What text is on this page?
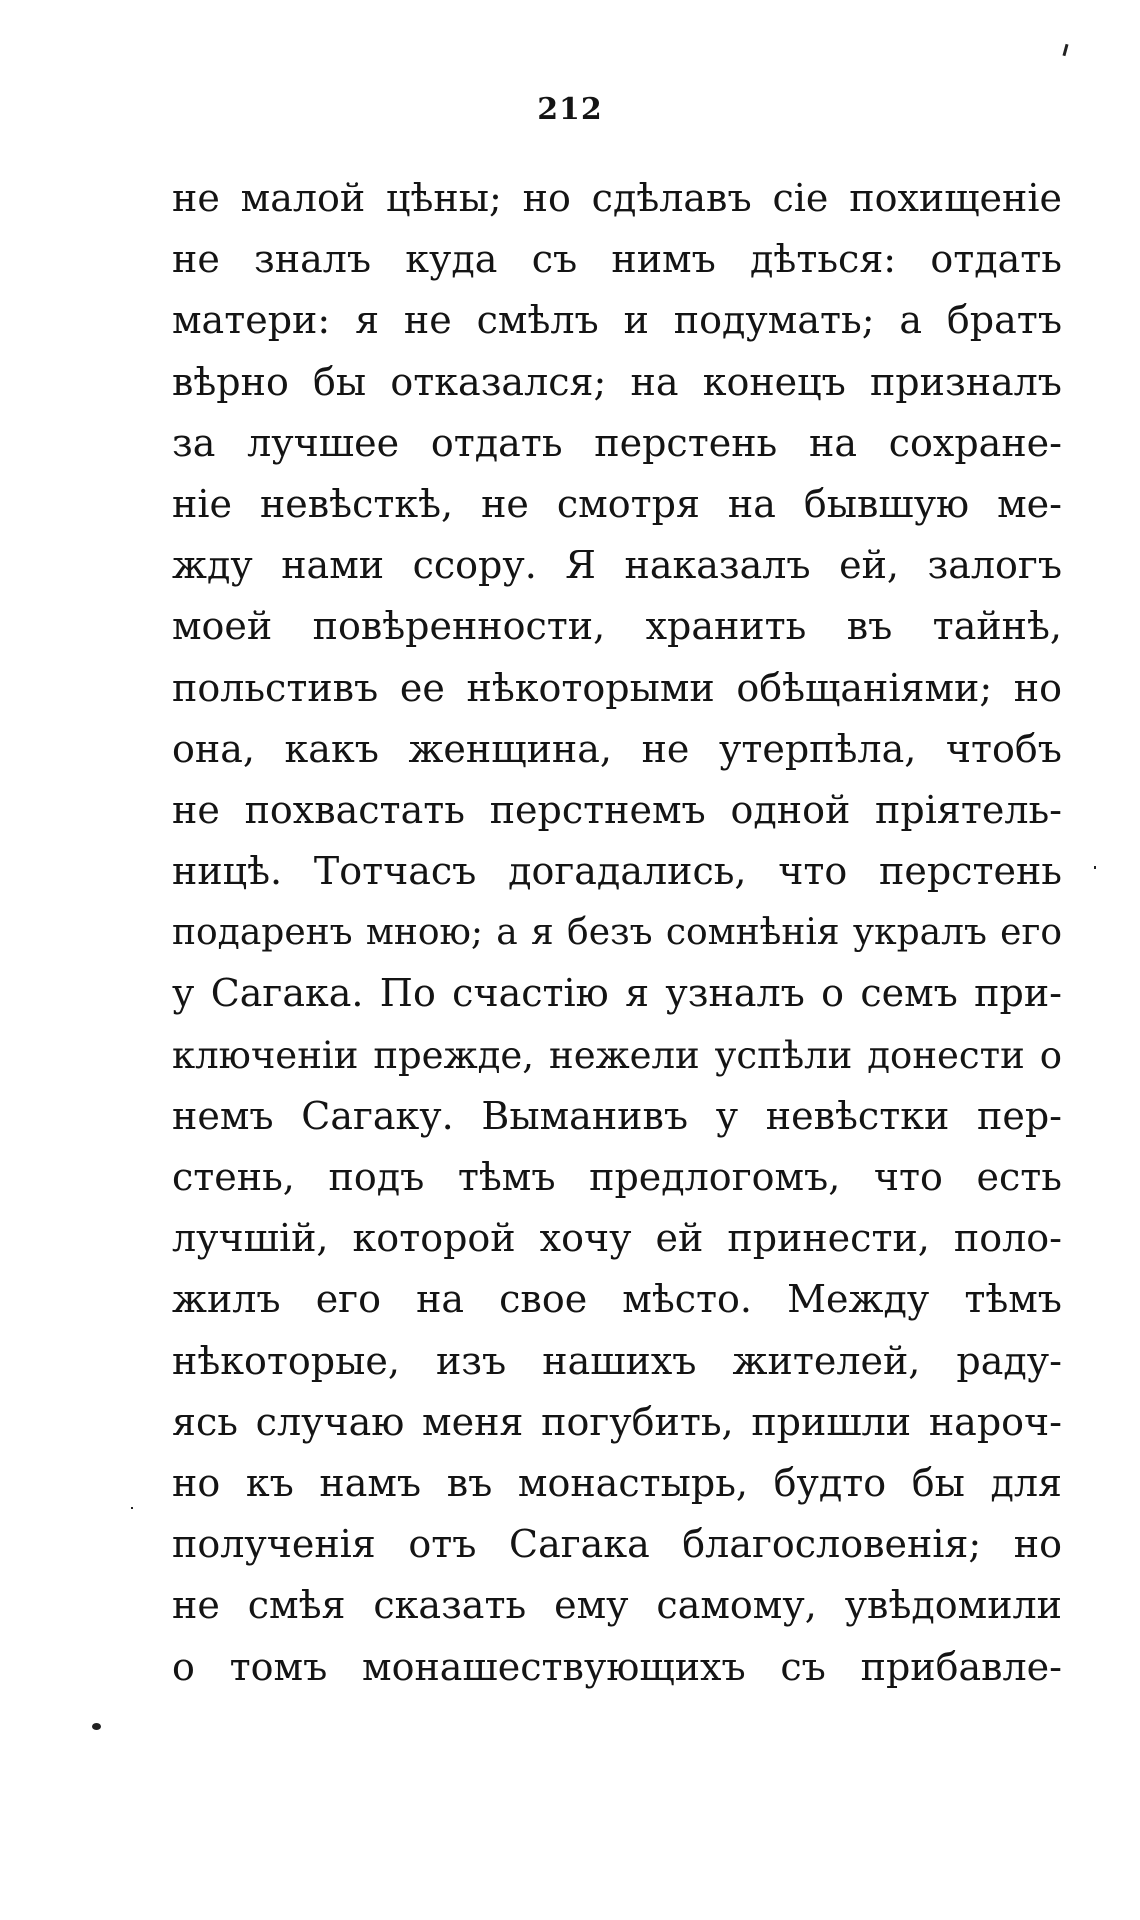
212
не малой цѣны; но сдѣлавъ сіе похищеніе
не зналъ куда съ нимъ дѣться: отдать
матери: я не смѣлъ и подумать; а братъ
вѣрно бы отказался; на конецъ призналъ
за лучшее отдать перстень на сохране-
ніе невѣсткѣ, не смотря на бывшую ме-
жду нами ссору. Я наказалъ ей, залогъ
моей повѣренности, хранить въ тайнѣ,
польстивъ ее нѣкоторыми обѣщаніями; но
она, какъ женщина, не утерпѣла, чтобъ
не похвастать перстнемъ одной пріятель-
ницѣ. Тотчасъ догадались, что перстень
подаренъ мною; а я безъ сомнѣнія укралъ его
у Сагака. По счастію я узналъ о семъ при-
ключеніи прежде, нежели успѣли донести о
немъ Сагаку. Выманивъ у невѣстки пер-
стень, подъ тѣмъ предлогомъ, что есть
лучшій, которой хочу ей принести, поло-
жилъ его на свое мѣсто. Между тѣмъ
нѣкоторые, изъ нашихъ жителей, раду-
ясь случаю меня погубить, пришли нароч-
но къ намъ въ монастырь, будто бы для
полученія отъ Сагака благословенія; но
не смѣя сказать ему самому, увѣдомили
о томъ монашествующихъ съ прибавле-
